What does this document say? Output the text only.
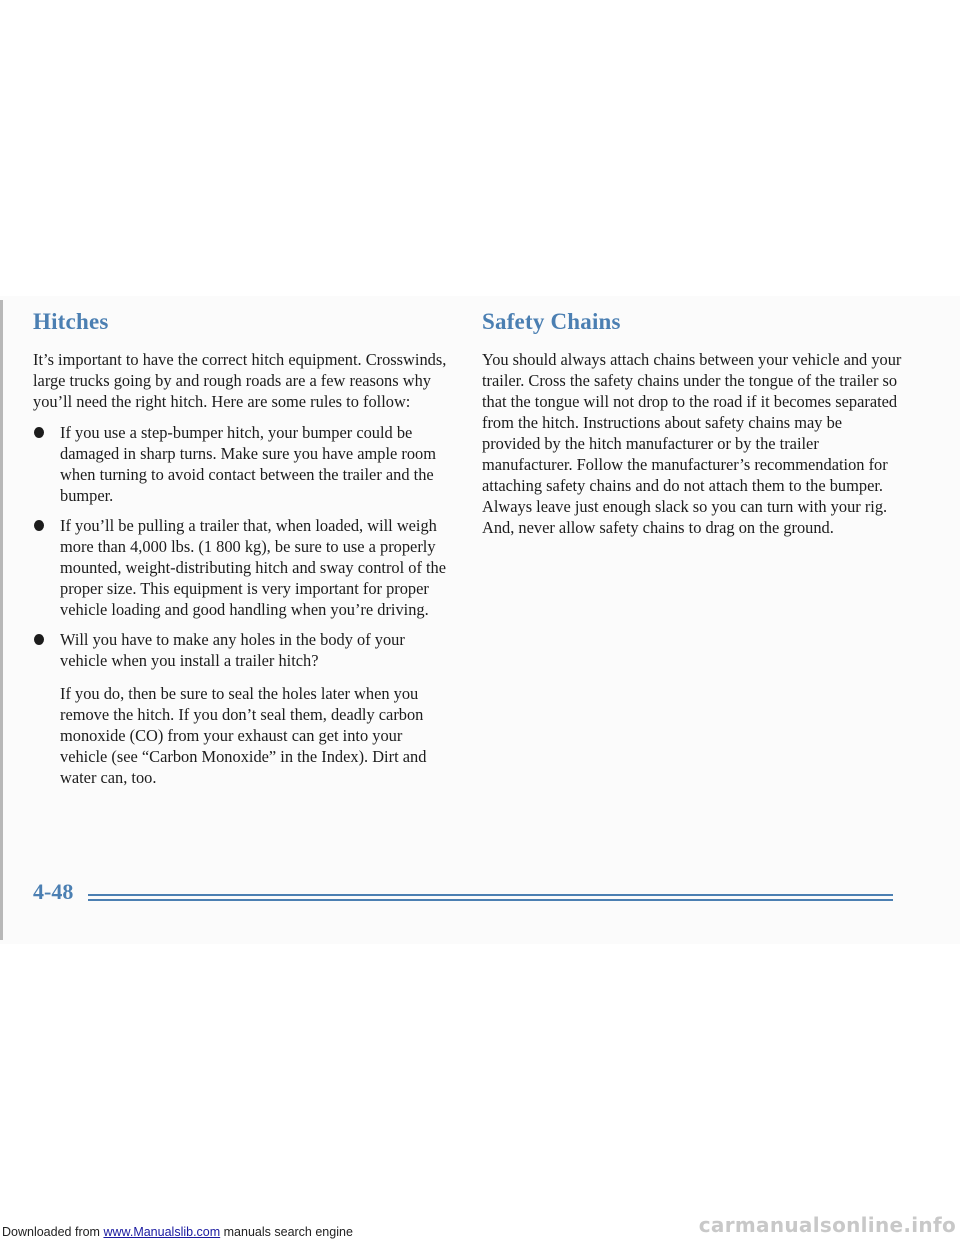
Hitches

It’s important to have the correct hitch equipment. Crosswinds, large trucks going by and rough roads are a few reasons why you’ll need the right hitch. Here are some rules to follow:

If you use a step-bumper hitch, your bumper could be damaged in sharp turns. Make sure you have ample room when turning to avoid contact between the trailer and the bumper.
If you’ll be pulling a trailer that, when loaded, will weigh more than 4,000 lbs. (1 800 kg), be sure to use a properly mounted, weight-distributing hitch and sway control of the proper size. This equipment is very important for proper vehicle loading and good handling when you’re driving.
Will you have to make any holes in the body of your vehicle when you install a trailer hitch?

If you do, then be sure to seal the holes later when you remove the hitch. If you don’t seal them, deadly carbon monoxide (CO) from your exhaust can get into your vehicle (see “Carbon Monoxide” in the Index). Dirt and water can, too.

Safety Chains

You should always attach chains between your vehicle and your trailer. Cross the safety chains under the tongue of the trailer so that the tongue will not drop to the road if it becomes separated from the hitch. Instructions about safety chains may be provided by the hitch manufacturer or by the trailer manufacturer. Follow the manufacturer’s recommendation for attaching safety chains and do not attach them to the bumper. Always leave just enough slack so you can turn with your rig. And, never allow safety chains to drag on the ground.

4-48
Downloaded from www.Manualslib.com manuals search engine	carmanualsonline.info
